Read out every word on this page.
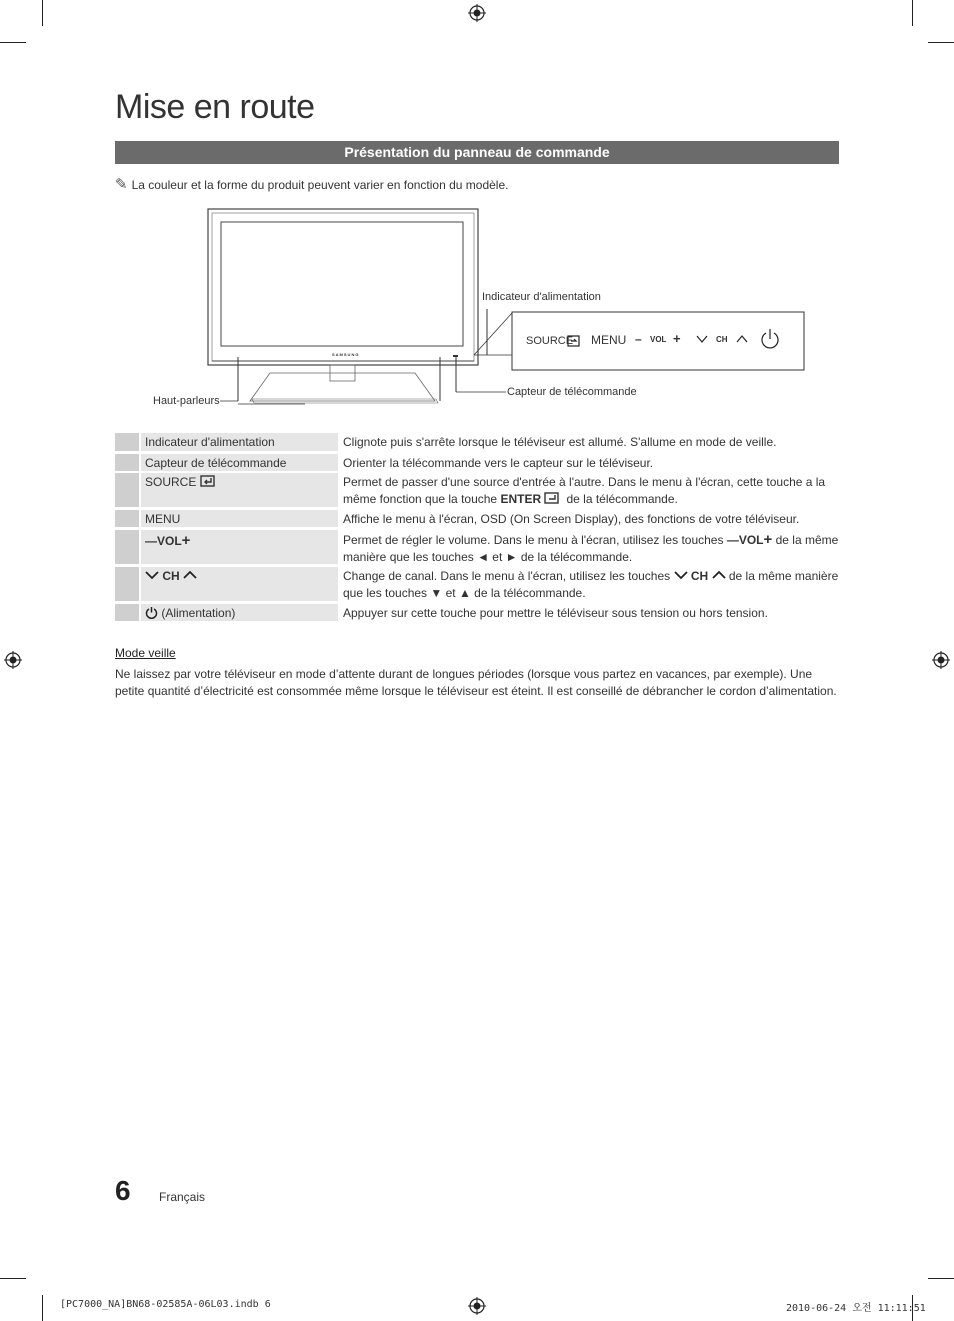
Mise en route
Présentation du panneau de commande
✎ La couleur et la forme du produit peuvent varier en fonction du modèle.
SAMSUNG
Indicateur d'alimentation
Capteur de télécommande
Haut-parleurs
SOURCE MENU – VOL +	CH
Indicateur d'alimentation	Clignote puis s'arrête lorsque le téléviseur est allumé. S'allume en mode de veille.
Capteur de télécommande	Orienter la télécommande vers le capteur sur le téléviseur.
SOURCE	Permet de passer d'une source d'entrée à l'autre. Dans le menu à l'écran, cette touche a la même fonction que la touche ENTER de la télécommande.
MENU	Affiche le menu à l'écran, OSD (On Screen Display), des fonctions de votre téléviseur.
—VOL+	Permet de régler le volume. Dans le menu à l'écran, utilisez les touches —VOL+ de la même manière que les touches ◄ et ► de la télécommande.
CH	Change de canal. Dans le menu à l'écran, utilisez les touches CH de la même manière que les touches ▼ et ▲ de la télécommande.
(Alimentation)	Appuyer sur cette touche pour mettre le téléviseur sous tension ou hors tension.
Mode veille
Ne laissez par votre téléviseur en mode d’attente durant de longues périodes (lorsque vous partez en vacances, par exemple). Une petite quantité d’électricité est consommée même lorsque le téléviseur est éteint. Il est conseillé de débrancher le cordon d’alimentation.
6 Français
[PC7000_NA]BN68-02585A-06L03.indb 6	2010-06-24 오전 11:11:51
